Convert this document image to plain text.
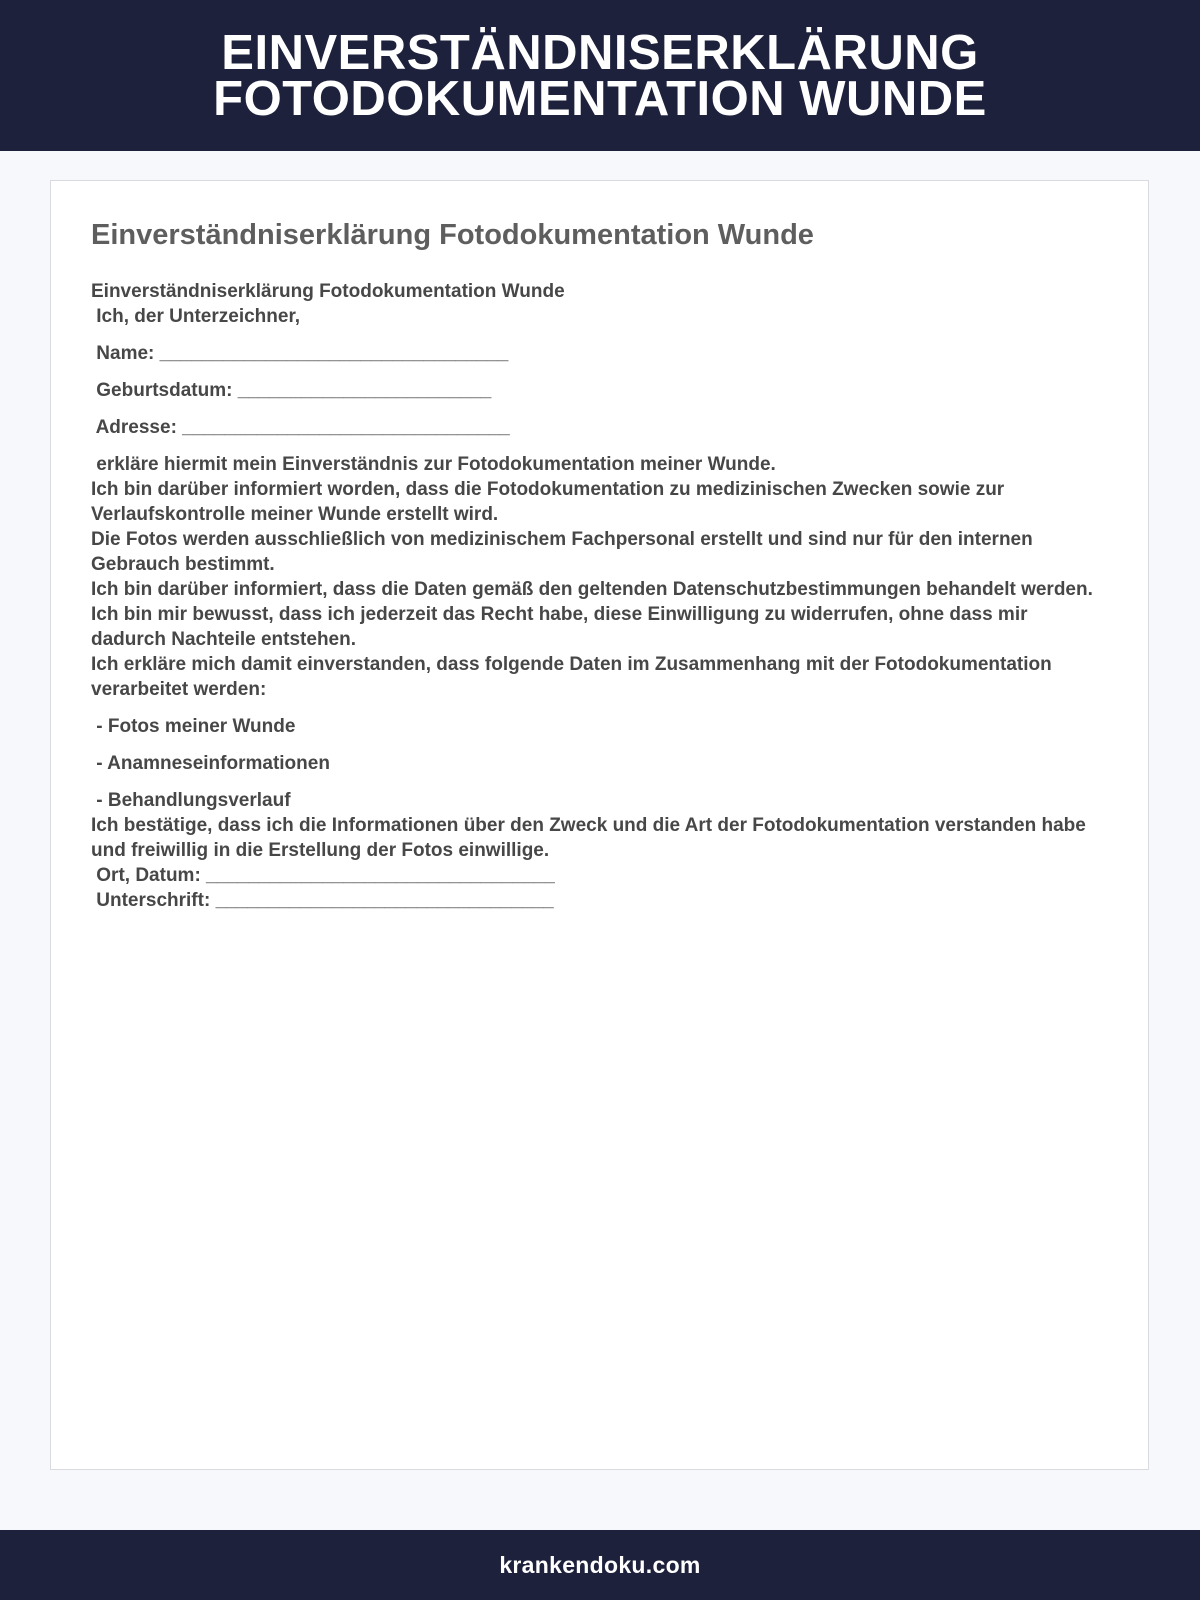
EINVERSTÄNDNISERKLÄRUNG
FOTODOKUMENTATION WUNDE
Einverständniserklärung Fotodokumentation Wunde
Einverständniserklärung Fotodokumentation Wunde
Ich, der Unterzeichner,
Name: _________________________________
Geburtsdatum: ________________________
Adresse: _______________________________
erkläre hiermit mein Einverständnis zur Fotodokumentation meiner Wunde.
Ich bin darüber informiert worden, dass die Fotodokumentation zu medizinischen Zwecken sowie zur Verlaufskontrolle meiner Wunde erstellt wird.
Die Fotos werden ausschließlich von medizinischem Fachpersonal erstellt und sind nur für den internen Gebrauch bestimmt.
Ich bin darüber informiert, dass die Daten gemäß den geltenden Datenschutzbestimmungen behandelt werden.
Ich bin mir bewusst, dass ich jederzeit das Recht habe, diese Einwilligung zu widerrufen, ohne dass mir dadurch Nachteile entstehen.
Ich erkläre mich damit einverstanden, dass folgende Daten im Zusammenhang mit der Fotodokumentation verarbeitet werden:
- Fotos meiner Wunde
- Anamneseinformationen
- Behandlungsverlauf
Ich bestätige, dass ich die Informationen über den Zweck und die Art der Fotodokumentation verstanden habe und freiwillig in die Erstellung der Fotos einwillige.
Ort, Datum: _________________________________
Unterschrift: ________________________________
krankendoku.com
